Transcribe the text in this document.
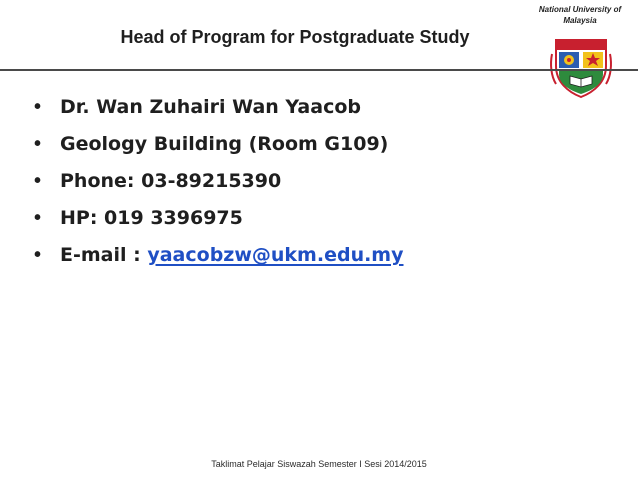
Head of Program for Postgraduate Study
National University of
Malaysia
• Dr. Wan Zuhairi Wan Yaacob
• Geology Building (Room G109)
• Phone: 03-89215390
• HP: 019 3396975
• E-mail : yaacobzw@ukm.edu.my
Taklimat Pelajar Siswazah Semester I Sesi 2014/2015
